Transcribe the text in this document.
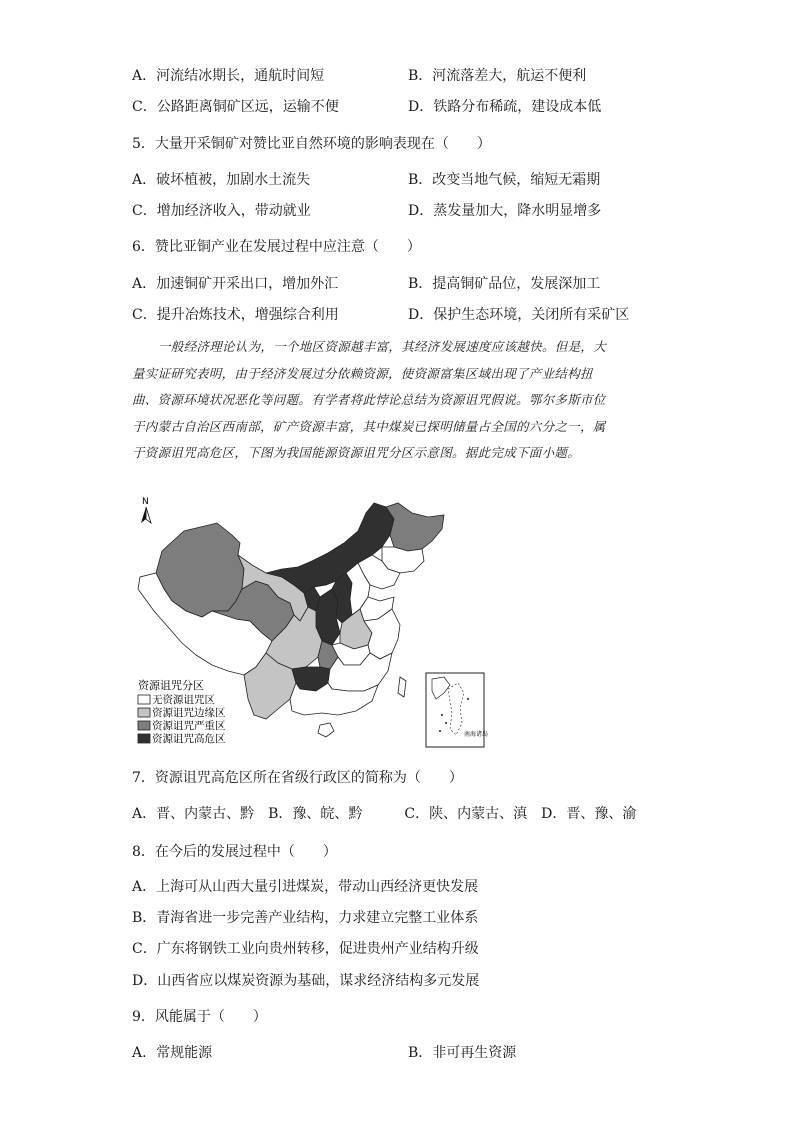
A．河流结冰期长，通航时间短	B．河流落差大，航运不便利
C．公路距离铜矿区远，运输不便	D．铁路分布稀疏，建设成本低
5．大量开采铜矿对赞比亚自然环境的影响表现在（　　）
A．破坏植被，加剧水土流失	B．改变当地气候，缩短无霜期
C．增加经济收入，带动就业	D．蒸发量加大，降水明显增多
6．赞比亚铜产业在发展过程中应注意（　　）
A．加速铜矿开采出口，增加外汇	B．提高铜矿品位，发展深加工
C．提升冶炼技术，增强综合利用	D．保护生态环境，关闭所有采矿区
一般经济理论认为，一个地区资源越丰富，其经济发展速度应该越快。但是，大
量实证研究表明，由于经济发展过分依赖资源，使资源富集区域出现了产业结构扭
曲、资源环境状况恶化等问题。有学者将此悖论总结为资源诅咒假说。鄂尔多斯市位
于内蒙古自治区西南部，矿产资源丰富，其中煤炭已探明储量占全国的六分之一，属
于资源诅咒高危区，下图为我国能源资源诅咒分区示意图。据此完成下面小题。
N
资源诅咒分区
无资源诅咒区
资源诅咒边缘区
资源诅咒严重区
资源诅咒高危区	南海诸岛
7．资源诅咒高危区所在省级行政区的简称为（　　）
A．晋、内蒙古、黔　B．豫、皖、黔　　　C．陕、内蒙古、滇　D．晋、豫、渝
8．在今后的发展过程中（　　）
A．上海可从山西大量引进煤炭，带动山西经济更快发展
B．青海省进一步完善产业结构，力求建立完整工业体系
C．广东将钢铁工业向贵州转移，促进贵州产业结构升级
D．山西省应以煤炭资源为基础，谋求经济结构多元发展
9．风能属于（　　）
A．常规能源	B．非可再生资源
